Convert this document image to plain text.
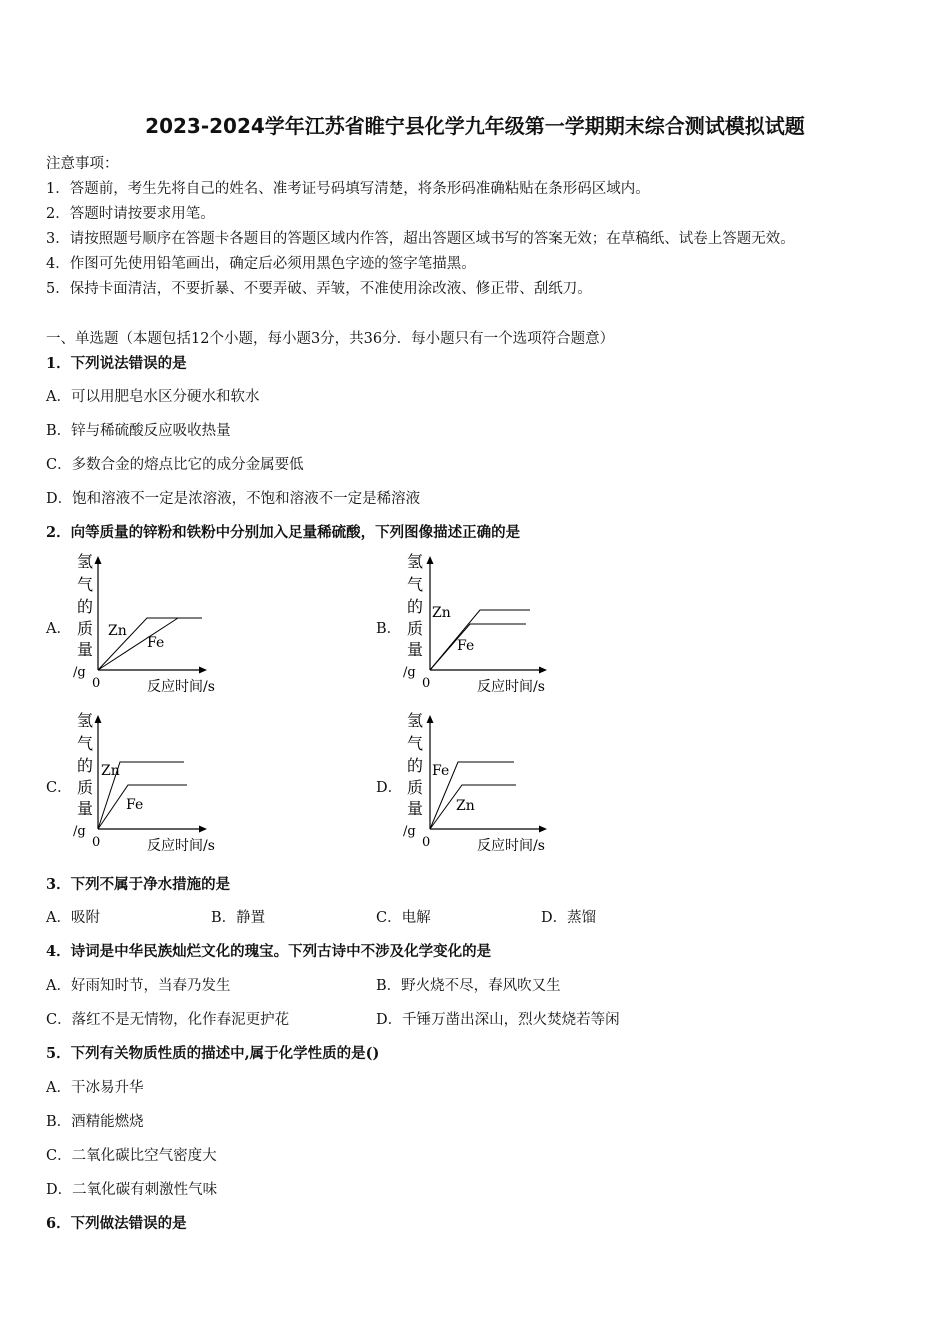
2023-2024学年江苏省睢宁县化学九年级第一学期期末综合测试模拟试题
注意事项：
1．答题前，考生先将自己的姓名、准考证号码填写清楚，将条形码准确粘贴在条形码区域内。
2．答题时请按要求用笔。
3．请按照题号顺序在答题卡各题目的答题区域内作答，超出答题区域书写的答案无效；在草稿纸、试卷上答题无效。
4．作图可先使用铅笔画出，确定后必须用黑色字迹的签字笔描黑。
5．保持卡面清洁，不要折暴、不要弄破、弄皱，不准使用涂改液、修正带、刮纸刀。
一、单选题（本题包括12个小题，每小题3分，共36分．每小题只有一个选项符合题意）
1．下列说法错误的是
A．可以用肥皂水区分硬水和软水
B．锌与稀硫酸反应吸收热量
C．多数合金的熔点比它的成分金属要低
D．饱和溶液不一定是浓溶液，不饱和溶液不一定是稀溶液
2．向等质量的锌粉和铁粉中分别加入足量稀硫酸，下列图像描述正确的是
A．
氢
气
的
质
量
/g
0
Zn
Fe
反应时间/s
B．
氢
气
的
质
量
/g
0
Zn
Fe
反应时间/s
C．
氢
气
的
质
量
/g
0
Zn
Fe
反应时间/s
D．
氢
气
的
质
量
/g
0
Fe
Zn
反应时间/s
3．下列不属于净水措施的是
A．吸附	B．静置	C．电解	D．蒸馏
4．诗词是中华民族灿烂文化的瑰宝。下列古诗中不涉及化学变化的是
A．好雨知时节，当春乃发生	B．野火烧不尽，春风吹又生
C．落红不是无情物，化作春泥更护花	D．千锤万凿出深山，烈火焚烧若等闲
5．下列有关物质性质的描述中,属于化学性质的是()
A．干冰易升华
B．酒精能燃烧
C．二氧化碳比空气密度大
D．二氧化碳有刺激性气味
6．下列做法错误的是
